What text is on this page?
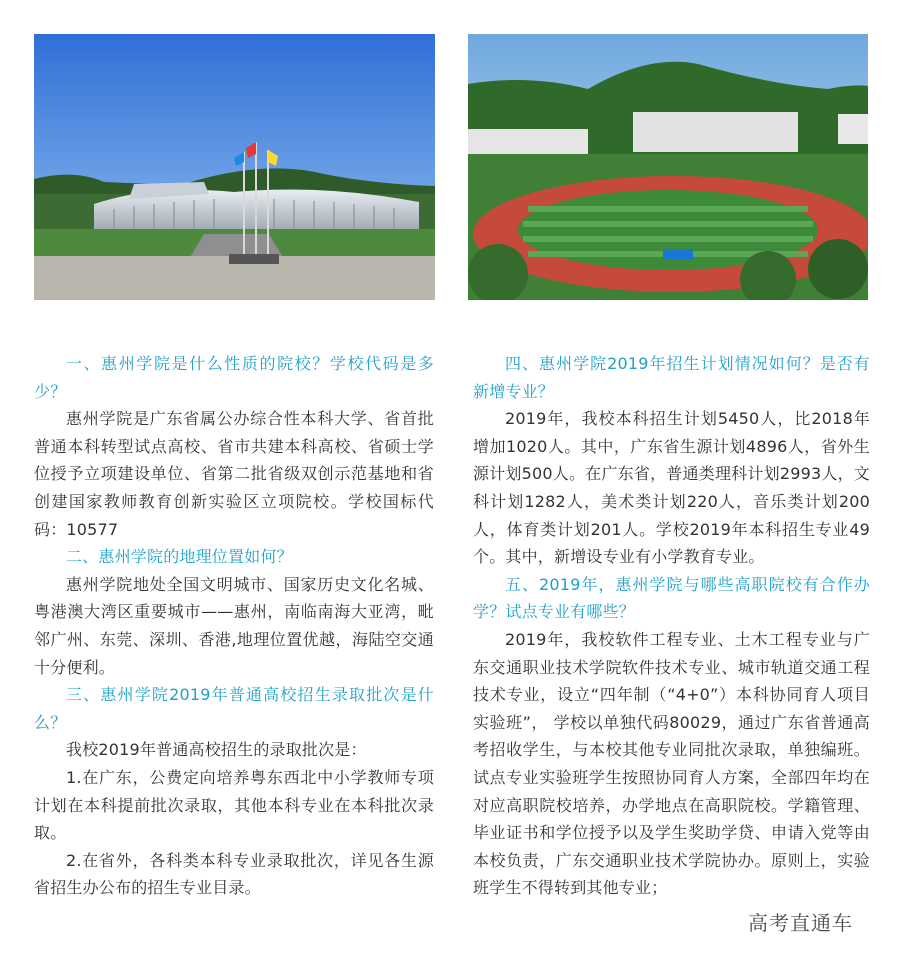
一、惠州学院是什么性质的院校？学校代码是多少？

惠州学院是广东省属公办综合性本科大学、省首批普通本科转型试点高校、省市共建本科高校、省硕士学位授予立项建设单位、省第二批省级双创示范基地和省创建国家教师教育创新实验区立项院校。学校国标代码：10577

二、惠州学院的地理位置如何？

惠州学院地处全国文明城市、国家历史文化名城、粤港澳大湾区重要城市——惠州，南临南海大亚湾，毗邻广州、东莞、深圳、香港,地理位置优越，海陆空交通十分便利。

三、惠州学院2019年普通高校招生录取批次是什么？

我校2019年普通高校招生的录取批次是：

1.在广东，公费定向培养粤东西北中小学教师专项计划在本科提前批次录取，其他本科专业在本科批次录取。

2.在省外，各科类本科专业录取批次，详见各生源省招生办公布的招生专业目录。

四、惠州学院2019年招生计划情况如何？是否有新增专业？

2019年，我校本科招生计划5450人，比2018年增加1020人。其中，广东省生源计划4896人，省外生源计划500人。在广东省，普通类理科计划2993人，文科计划1282人，美术类计划220人，音乐类计划200人，体育类计划201人。学校2019年本科招生专业49个。其中，新增设专业有小学教育专业。

五、2019年，惠州学院与哪些高职院校有合作办学？试点专业有哪些？

2019年，我校软件工程专业、土木工程专业与广东交通职业技术学院软件技术专业、城市轨道交通工程技术专业，设立“四年制（“4+0”）本科协同育人项目实验班”， 学校以单独代码80029，通过广东省普通高考招收学生，与本校其他专业同批次录取，单独编班。试点专业实验班学生按照协同育人方案，全部四年均在对应高职院校培养，办学地点在高职院校。学籍管理、毕业证书和学位授予以及学生奖助学贷、申请入党等由本校负责，广东交通职业技术学院协办。原则上，实验班学生不得转到其他专业；

高考直通车
